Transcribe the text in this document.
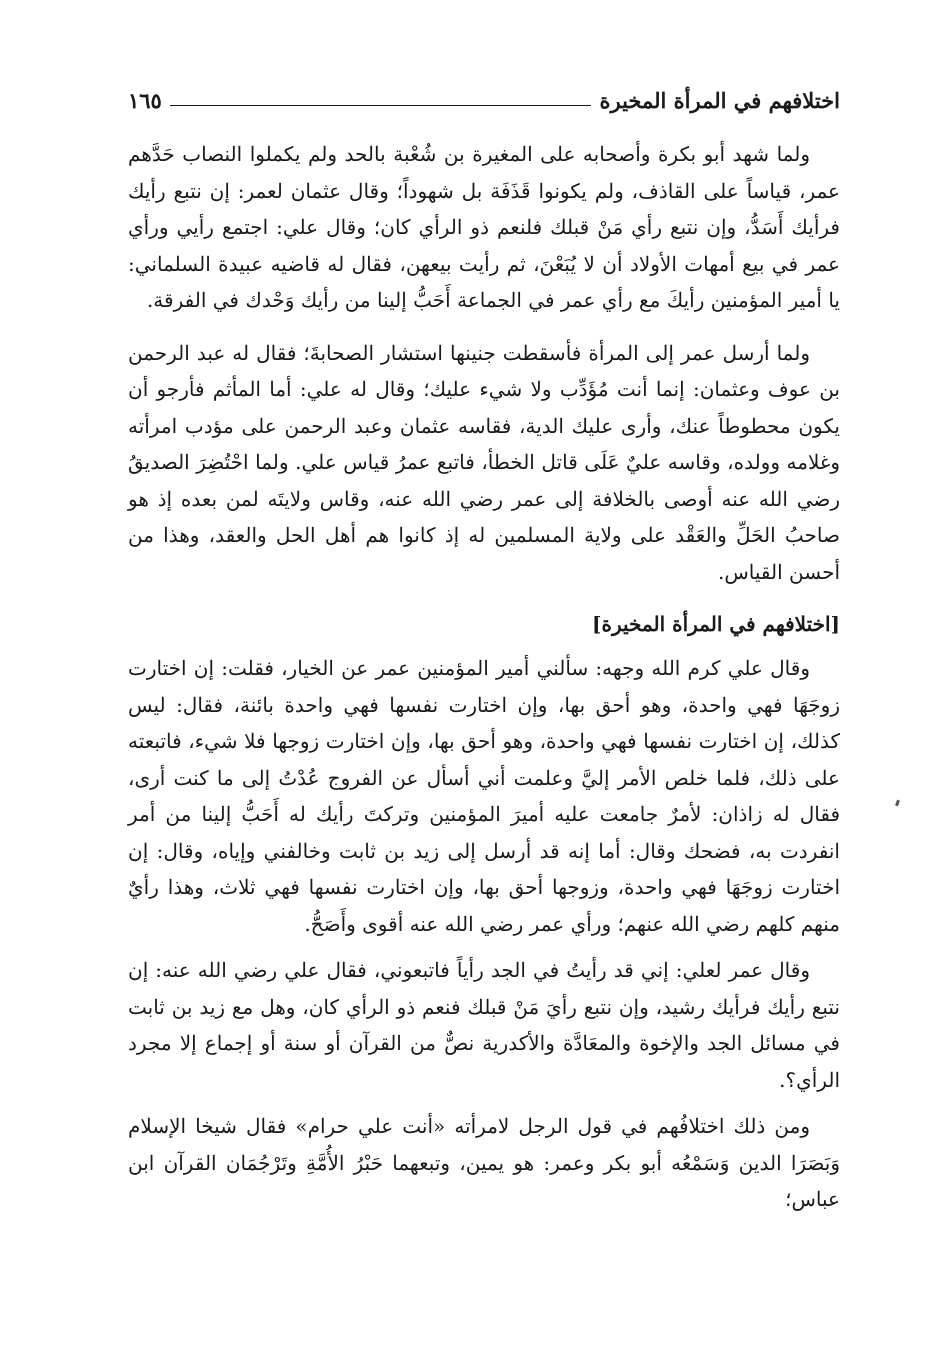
اختلافهم في المرأة المخيرة
١٦٥

ولما شهد أبو بكرة وأصحابه على المغيرة بن شُعْبة بالحد ولم يكملوا النصاب حَدَّهم عمر، قياساً على القاذف، ولم يكونوا قَذَفَة بل شهوداً؛ وقال عثمان لعمر: إن نتبع رأيك فرأيك أَسَدُّ، وإن نتبع رأي مَنْ قبلك فلنعم ذو الرأي كان؛ وقال علي: اجتمع رأيي ورأي عمر في بيع أمهات الأولاد أن لا يُبَعْنَ، ثم رأيت بيعهن، فقال له قاضيه عبيدة السلماني: يا أمير المؤمنين رأيكَ مع رأي عمر في الجماعة أَحَبُّ إلينا من رأيك وَحْدك في الفرقة.

ولما أرسل عمر إلى المرأة فأسقطت جنينها استشار الصحابةَ؛ فقال له عبد الرحمن بن عوف وعثمان: إنما أنت مُؤَدِّب ولا شيء عليك؛ وقال له علي: أما المأثم فأرجو أن يكون محطوطاً عنك، وأرى عليك الدية، فقاسه عثمان وعبد الرحمن على مؤدب امرأته وغلامه وولده، وقاسه عليٌ عَلَى قاتل الخطأ، فاتبع عمرُ قياس علي. ولما احْتُضِرَ الصديقُ رضي الله عنه أوصى بالخلافة إلى عمر رضي الله عنه، وقاس ولايتَه لمن بعده إذ هو صاحبُ الحَلِّ والعَقْد على ولاية المسلمين له إذ كانوا هم أهل الحل والعقد، وهذا من أحسن القياس.

[اختلافهم في المرأة المخيرة]

وقال علي كرم الله وجهه: سألني أمير المؤمنين عمر عن الخيار، فقلت: إن اختارت زوجَهَا فهي واحدة، وهو أحق بها، وإن اختارت نفسها فهي واحدة بائنة، فقال: ليس كذلك، إن اختارت نفسها فهي واحدة، وهو أحق بها، وإن اختارت زوجها فلا شيء، فاتبعته على ذلك، فلما خلص الأمر إليَّ وعلمت أني أسأل عن الفروج عُدْتُ إلى ما كنت أرى، فقال له زاذان: لأمرٌ جامعت عليه أميرَ المؤمنين وتركتَ رأيك له أَحَبُّ إلينا من أمر انفردت به، فضحك وقال: أما إنه قد أرسل إلى زيد بن ثابت وخالفني وإياه، وقال: إن اختارت زوجَهَا فهي واحدة، وزوجها أحق بها، وإن اختارت نفسها فهي ثلاث، وهذا رأيٌ منهم كلهم رضي الله عنهم؛ ورأي عمر رضي الله عنه أقوى وأَصَحُّ.

وقال عمر لعلي: إني قد رأيتُ في الجد رأياً فاتبعوني، فقال علي رضي الله عنه: إن نتبع رأيك فرأيك رشيد، وإن نتبع رأيَ مَنْ قبلك فنعم ذو الرأي كان، وهل مع زيد بن ثابت في مسائل الجد والإخوة والمعَادَّة والأكدرية نصٌّ من القرآن أو سنة أو إجماع إلا مجرد الرأي؟.

ومن ذلك اختلافُهم في قول الرجل لامرأته «أنت علي حرام» فقال شيخا الإسلام وَبَصَرَا الدين وَسَمْعُه أبو بكر وعمر: هو يمين، وتبعهما حَبْرُ الأُمَّةِ وتَرْجُمَان القرآن ابن عباس؛
